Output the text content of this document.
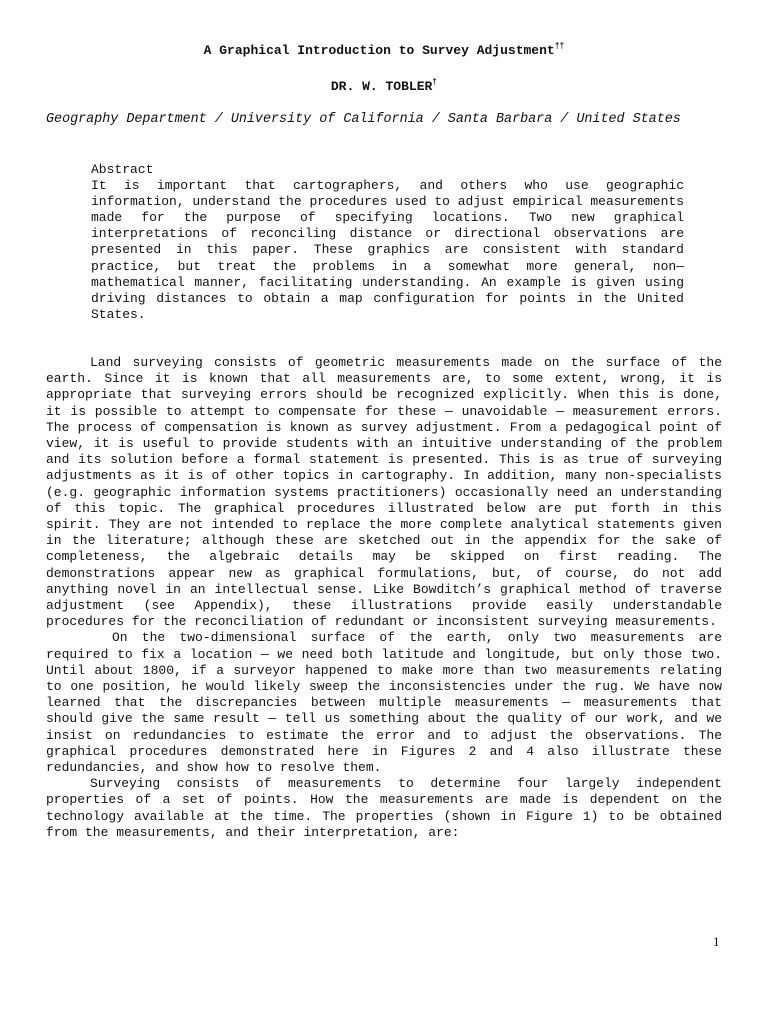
A Graphical Introduction to Survey Adjustment††
DR. W. TOBLER†
Geography Department / University of California / Santa Barbara / United States
Abstract
It is important that cartographers, and others who use geographic information, understand the procedures used to adjust empirical measurements made for the purpose of specifying locations. Two new graphical interpretations of reconciling distance or directional observations are presented in this paper. These graphics are consistent with standard practice, but treat the problems in a somewhat more general, non—mathematical manner, facilitating understanding. An example is given using driving distances to obtain a map configuration for points in the United States.

Land surveying consists of geometric measurements made on the surface of the earth. Since it is known that all measurements are, to some extent, wrong, it is appropriate that surveying errors should be recognized explicitly. When this is done, it is possible to attempt to compensate for these — unavoidable — measurement errors. The process of compensation is known as survey adjustment. From a pedagogical point of view, it is useful to provide students with an intuitive understanding of the problem and its solution before a formal statement is presented. This is as true of surveying adjustments as it is of other topics in cartography. In addition, many non-specialists (e.g. geographic information systems practitioners) occasionally need an understanding of this topic. The graphical procedures illustrated below are put forth in this spirit. They are not intended to replace the more complete analytical statements given in the literature; although these are sketched out in the appendix for the sake of completeness, the algebraic details may be skipped on first reading. The demonstrations appear new as graphical formulations, but, of course, do not add anything novel in an intellectual sense. Like Bowditch’s graphical method of traverse adjustment (see Appendix), these illustrations provide easily understandable procedures for the reconciliation of redundant or inconsistent surveying measurements.

On the two-dimensional surface of the earth, only two measurements are required to fix a location — we need both latitude and longitude, but only those two. Until about 1800, if a surveyor happened to make more than two measurements relating to one position, he would likely sweep the inconsistencies under the rug. We have now learned that the discrepancies between multiple measurements — measurements that should give the same result — tell us something about the quality of our work, and we insist on redundancies to estimate the error and to adjust the observations. The graphical procedures demonstrated here in Figures 2 and 4 also illustrate these redundancies, and show how to resolve them.

Surveying consists of measurements to determine four largely independent properties of a set of points. How the measurements are made is dependent on the technology available at the time. The properties (shown in Figure 1) to be obtained from the measurements, and their interpretation, are:

1
